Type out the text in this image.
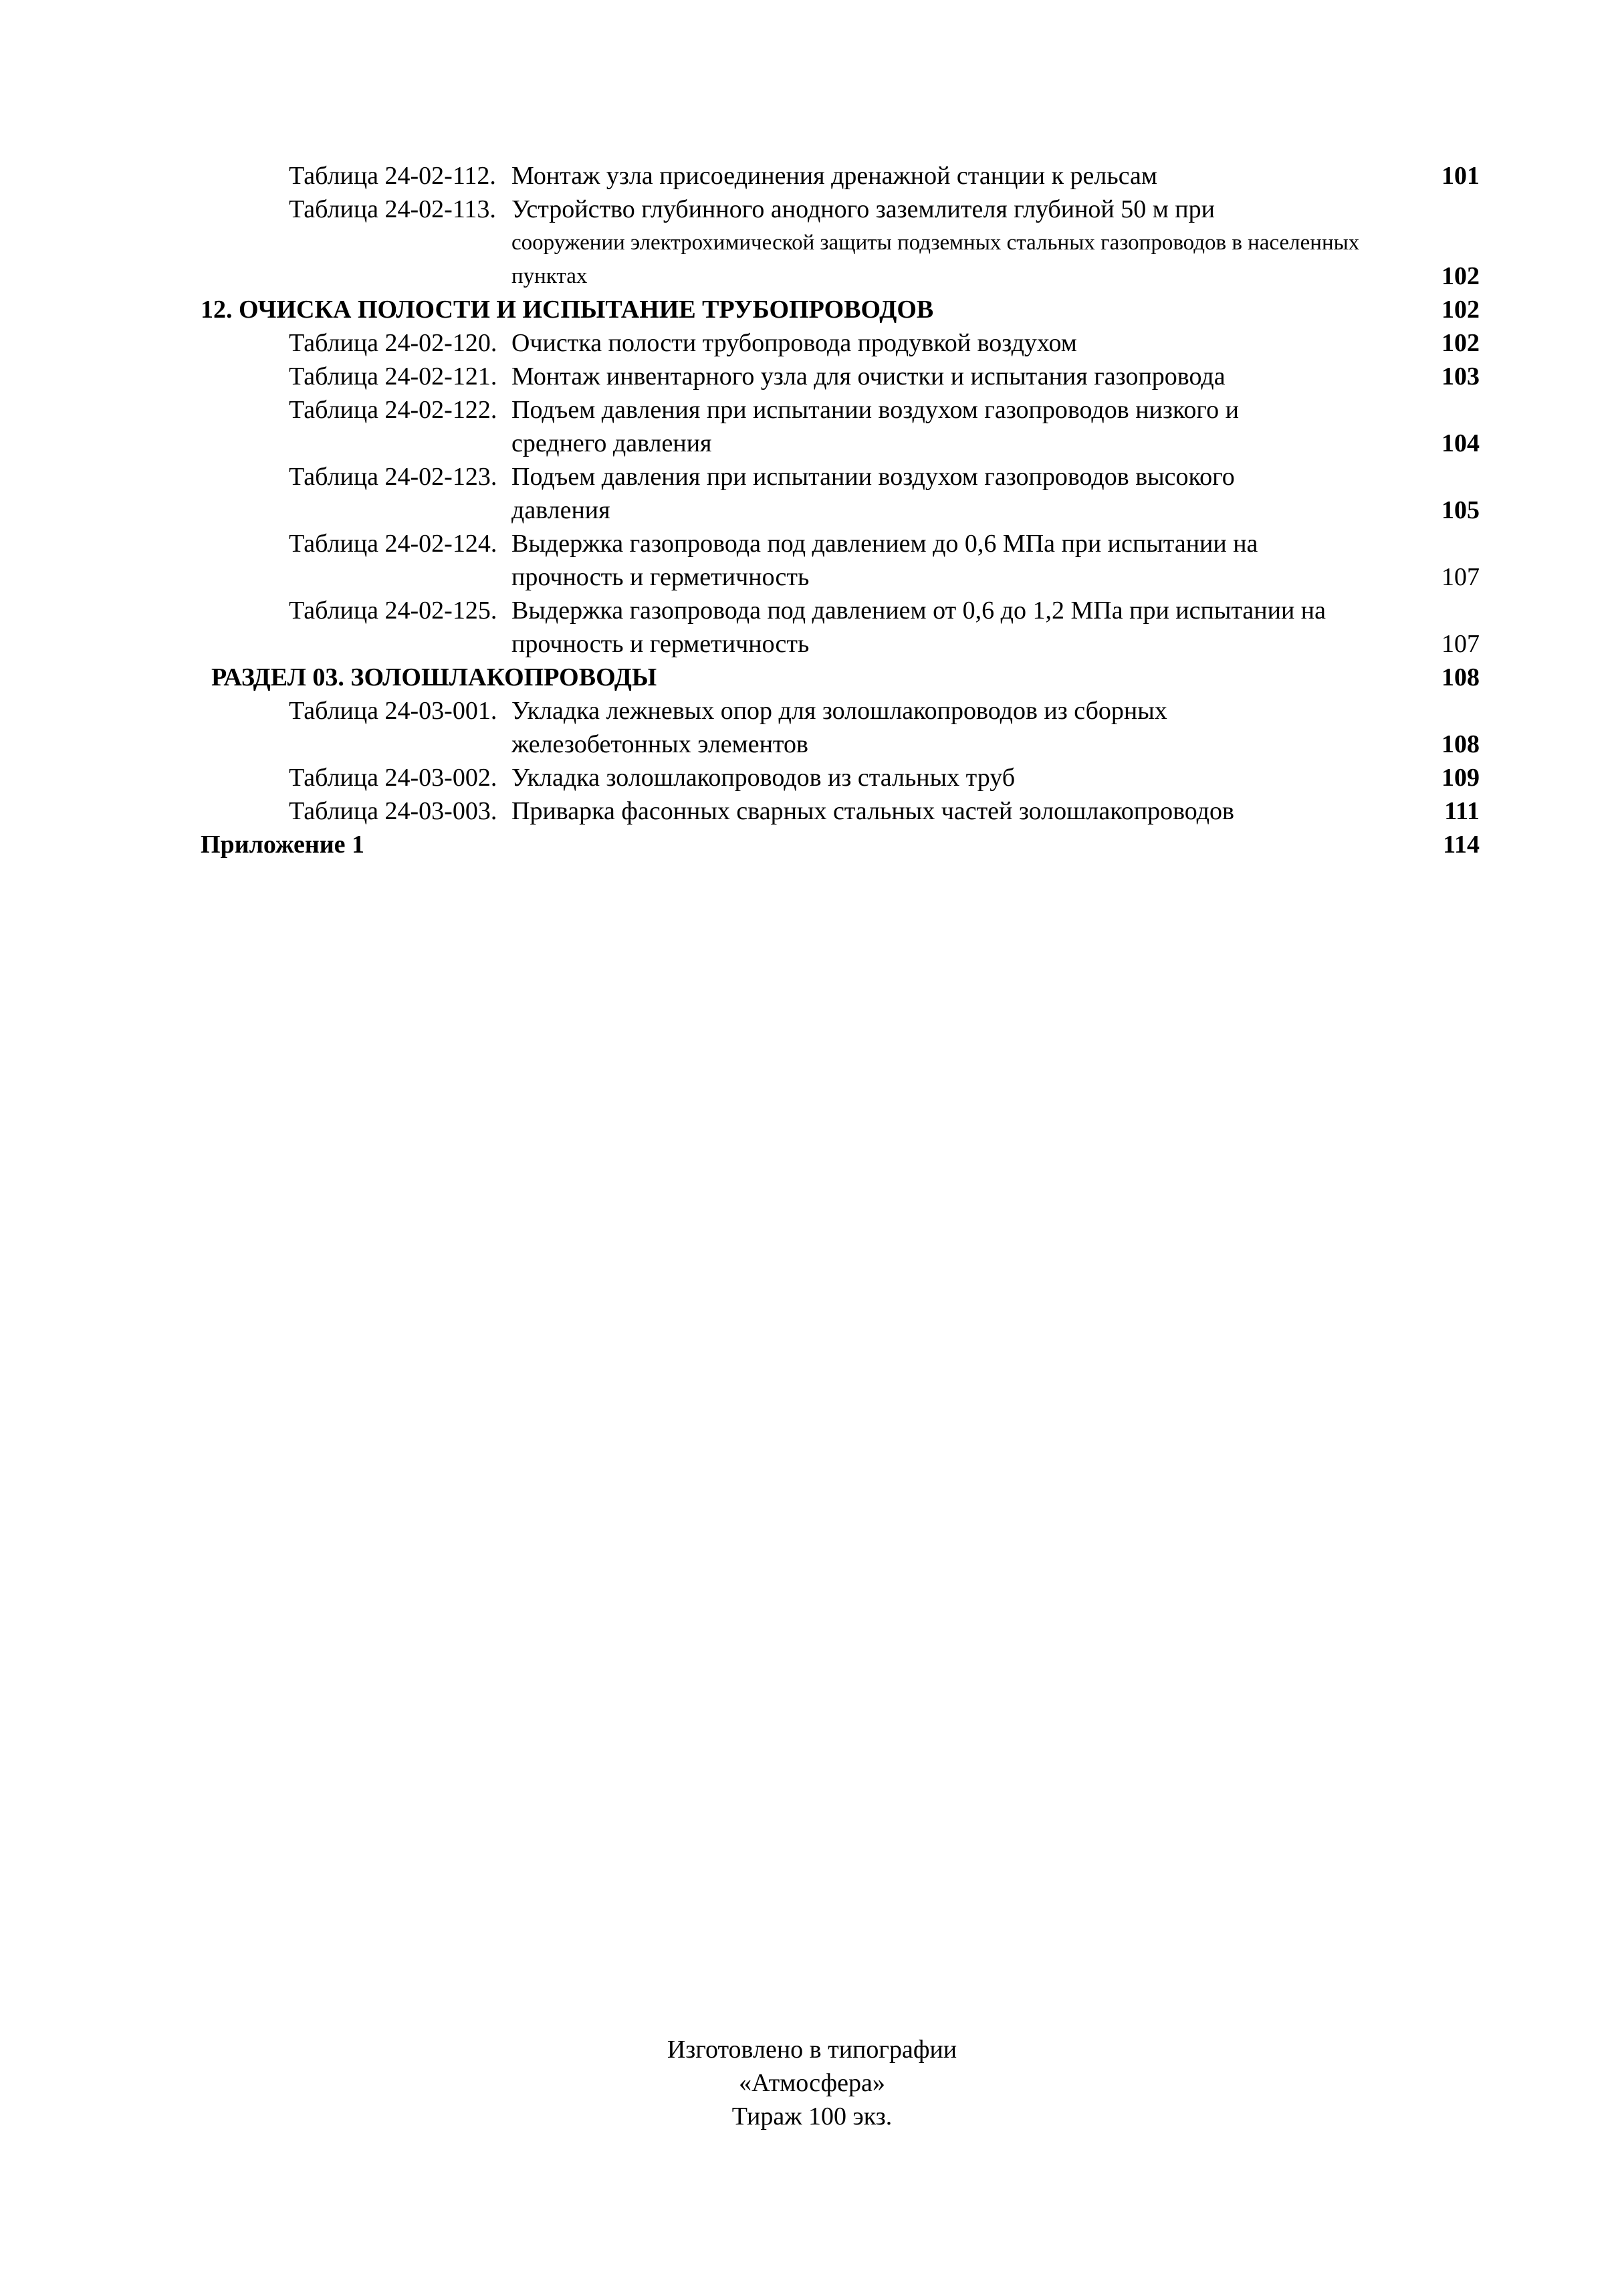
Таблица 24-02-112. Монтаж узла присоединения дренажной станции к рельсам	101
Таблица 24-02-113. Устройство глубинного анодного заземлителя глубиной 50 м при
сооружении электрохимической защиты подземных стальных газопроводов в населенных
пунктах	102
12. ОЧИСКА ПОЛОСТИ И ИСПЫТАНИЕ ТРУБОПРОВОДОВ	102
Таблица 24-02-120. Очистка полости трубопровода продувкой воздухом	102
Таблица 24-02-121. Монтаж инвентарного узла для очистки и испытания газопровода	103
Таблица 24-02-122. Подъем давления при испытании воздухом газопроводов низкого и
среднего давления	104
Таблица 24-02-123. Подъем давления при испытании воздухом газопроводов высокого
давления	105
Таблица 24-02-124. Выдержка газопровода под давлением до 0,6 МПа при испытании на
прочность и герметичность	107
Таблица 24-02-125. Выдержка газопровода под давлением от 0,6 до 1,2 МПа при испытании на
прочность и герметичность	107
РАЗДЕЛ 03. ЗОЛОШЛАКОПРОВОДЫ	108
Таблица 24-03-001. Укладка лежневых опор для золошлакопроводов из сборных
железобетонных элементов	108
Таблица 24-03-002. Укладка золошлакопроводов из стальных труб	109
Таблица 24-03-003. Приварка фасонных сварных стальных частей золошлакопроводов	111
Приложение 1	114
Изготовлено в типографии
«Атмосфера»
Тираж 100 экз.
